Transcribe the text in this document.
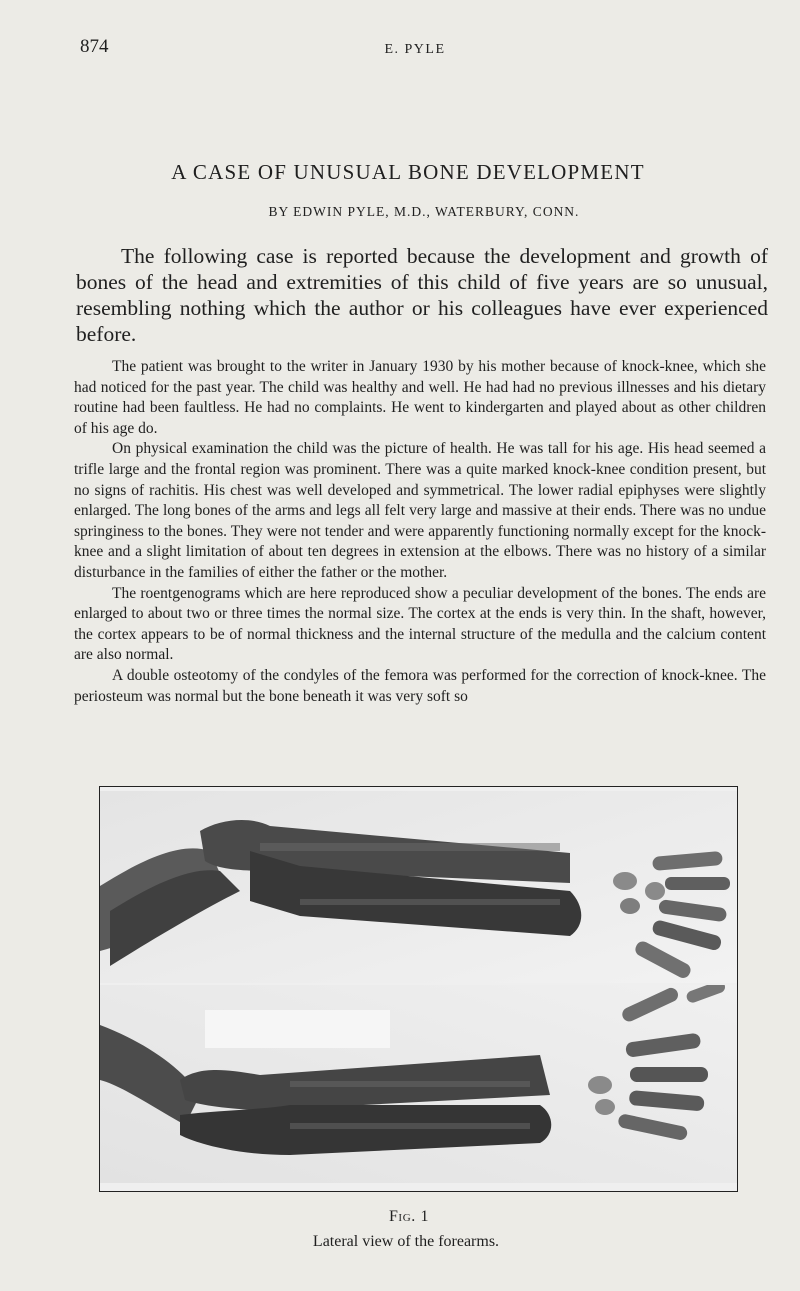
874	E. PYLE
A CASE OF UNUSUAL BONE DEVELOPMENT
BY EDWIN PYLE, M.D., WATERBURY, CONN.

The following case is reported because the development and growth of bones of the head and extremities of this child of five years are so unusual, resembling nothing which the author or his colleagues have ever experienced before.

The patient was brought to the writer in January 1930 by his mother because of knock-knee, which she had noticed for the past year. The child was healthy and well. He had had no previous illnesses and his dietary routine had been faultless. He had no complaints. He went to kindergarten and played about as other children of his age do.

On physical examination the child was the picture of health. He was tall for his age. His head seemed a trifle large and the frontal region was prominent. There was a quite marked knock-knee condition present, but no signs of rachitis. His chest was well developed and symmetrical. The lower radial epiphyses were slightly enlarged. The long bones of the arms and legs all felt very large and massive at their ends. There was no undue springiness to the bones. They were not tender and were apparently functioning normally except for the knock-knee and a slight limitation of about ten degrees in extension at the elbows. There was no history of a similar disturbance in the families of either the father or the mother.

The roentgenograms which are here reproduced show a peculiar development of the bones. The ends are enlarged to about two or three times the normal size. The cortex at the ends is very thin. In the shaft, however, the cortex appears to be of normal thickness and the internal structure of the medulla and the calcium content are also normal.

A double osteotomy of the condyles of the femora was performed for the correction of knock-knee. The periosteum was normal but the bone beneath it was very soft so

Fig. 1
Lateral view of the forearms.
